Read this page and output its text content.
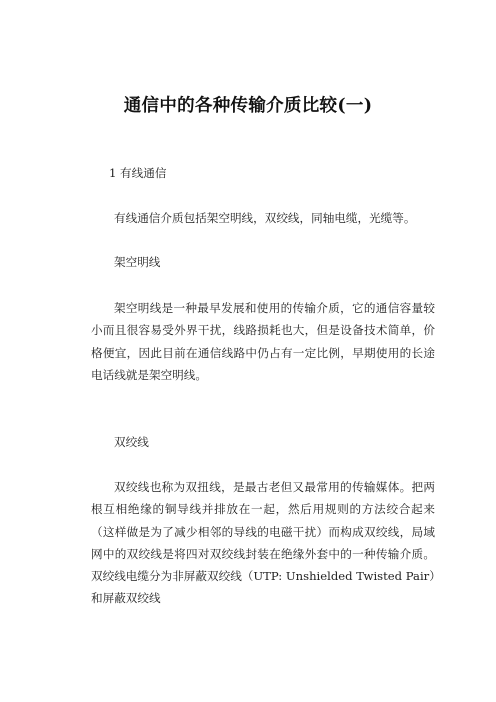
通信中的各种传输介质比较(一)

1 有线通信

有线通信介质包括架空明线，双绞线，同轴电缆，光缆等。

架空明线

架空明线是一种最早发展和使用的传输介质，它的通信容量较小而且很容易受外界干扰，线路损耗也大，但是设备技术简单，价格便宜，因此目前在通信线路中仍占有一定比例，早期使用的长途电话线就是架空明线。

双绞线

双绞线也称为双扭线，是最古老但又最常用的传输媒体。把两根互相绝缘的铜导线并排放在一起，然后用规则的方法绞合起来（这样做是为了减少相邻的导线的电磁干扰）而构成双绞线，局域网中的双绞线是将四对双绞线封装在绝缘外套中的一种传输介质。双绞线电缆分为非屏蔽双绞线（UTP: Unshielded Twisted Pair）和屏蔽双绞线
